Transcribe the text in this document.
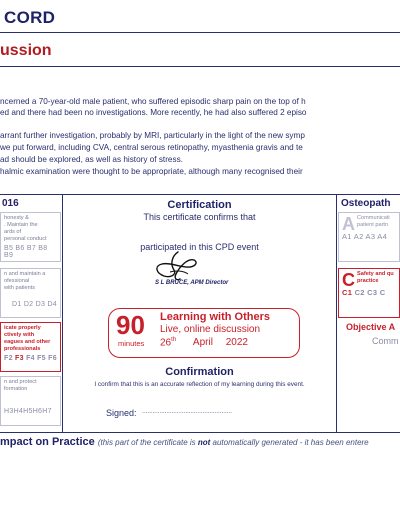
CORD
ussion
ncerned a 70-year-old male patient, who suffered episodic sharp pain on the top of h
ed and there had been no investigations. More recently, he had also suffered 2 episo
arrant further investigation, probably by MRI, particularly in the light of the new symp
we put forward, including CVA, central serous retinopathy, myasthenia gravis and te
ad should be explored, as well as history of stress.
halmic examination were thought to be appropriate, although many recognised their
016
honesty &
. Maintain the
ards of
personal conduct
B5 B6 B7 B8 B9
n and maintain a
ofessional
with patients
D1 D2 D3 D4
icate properly
ctively with
eagues and other
professionals
F2 F3 F4 F5 F6
n and protect
formation
H3H4H5H6H7
Certification
This certificate confirms that
participated in this CPD event
S L BRUCE, APM Director
90
minutes
Learning with Others
Live, online discussion
26th April 2022
Confirmation
I confirm that this is an accurate reflection of my learning during this event.
Signed: ....................................................
Osteopath
A Communicati
patient partn
A1 A2 A3 A4
C Safety and qu
practice
C1 C2 C3 C
Objective A
Comm
mpact on Practice (this part of the certificate is not automatically generated - it has been entere
